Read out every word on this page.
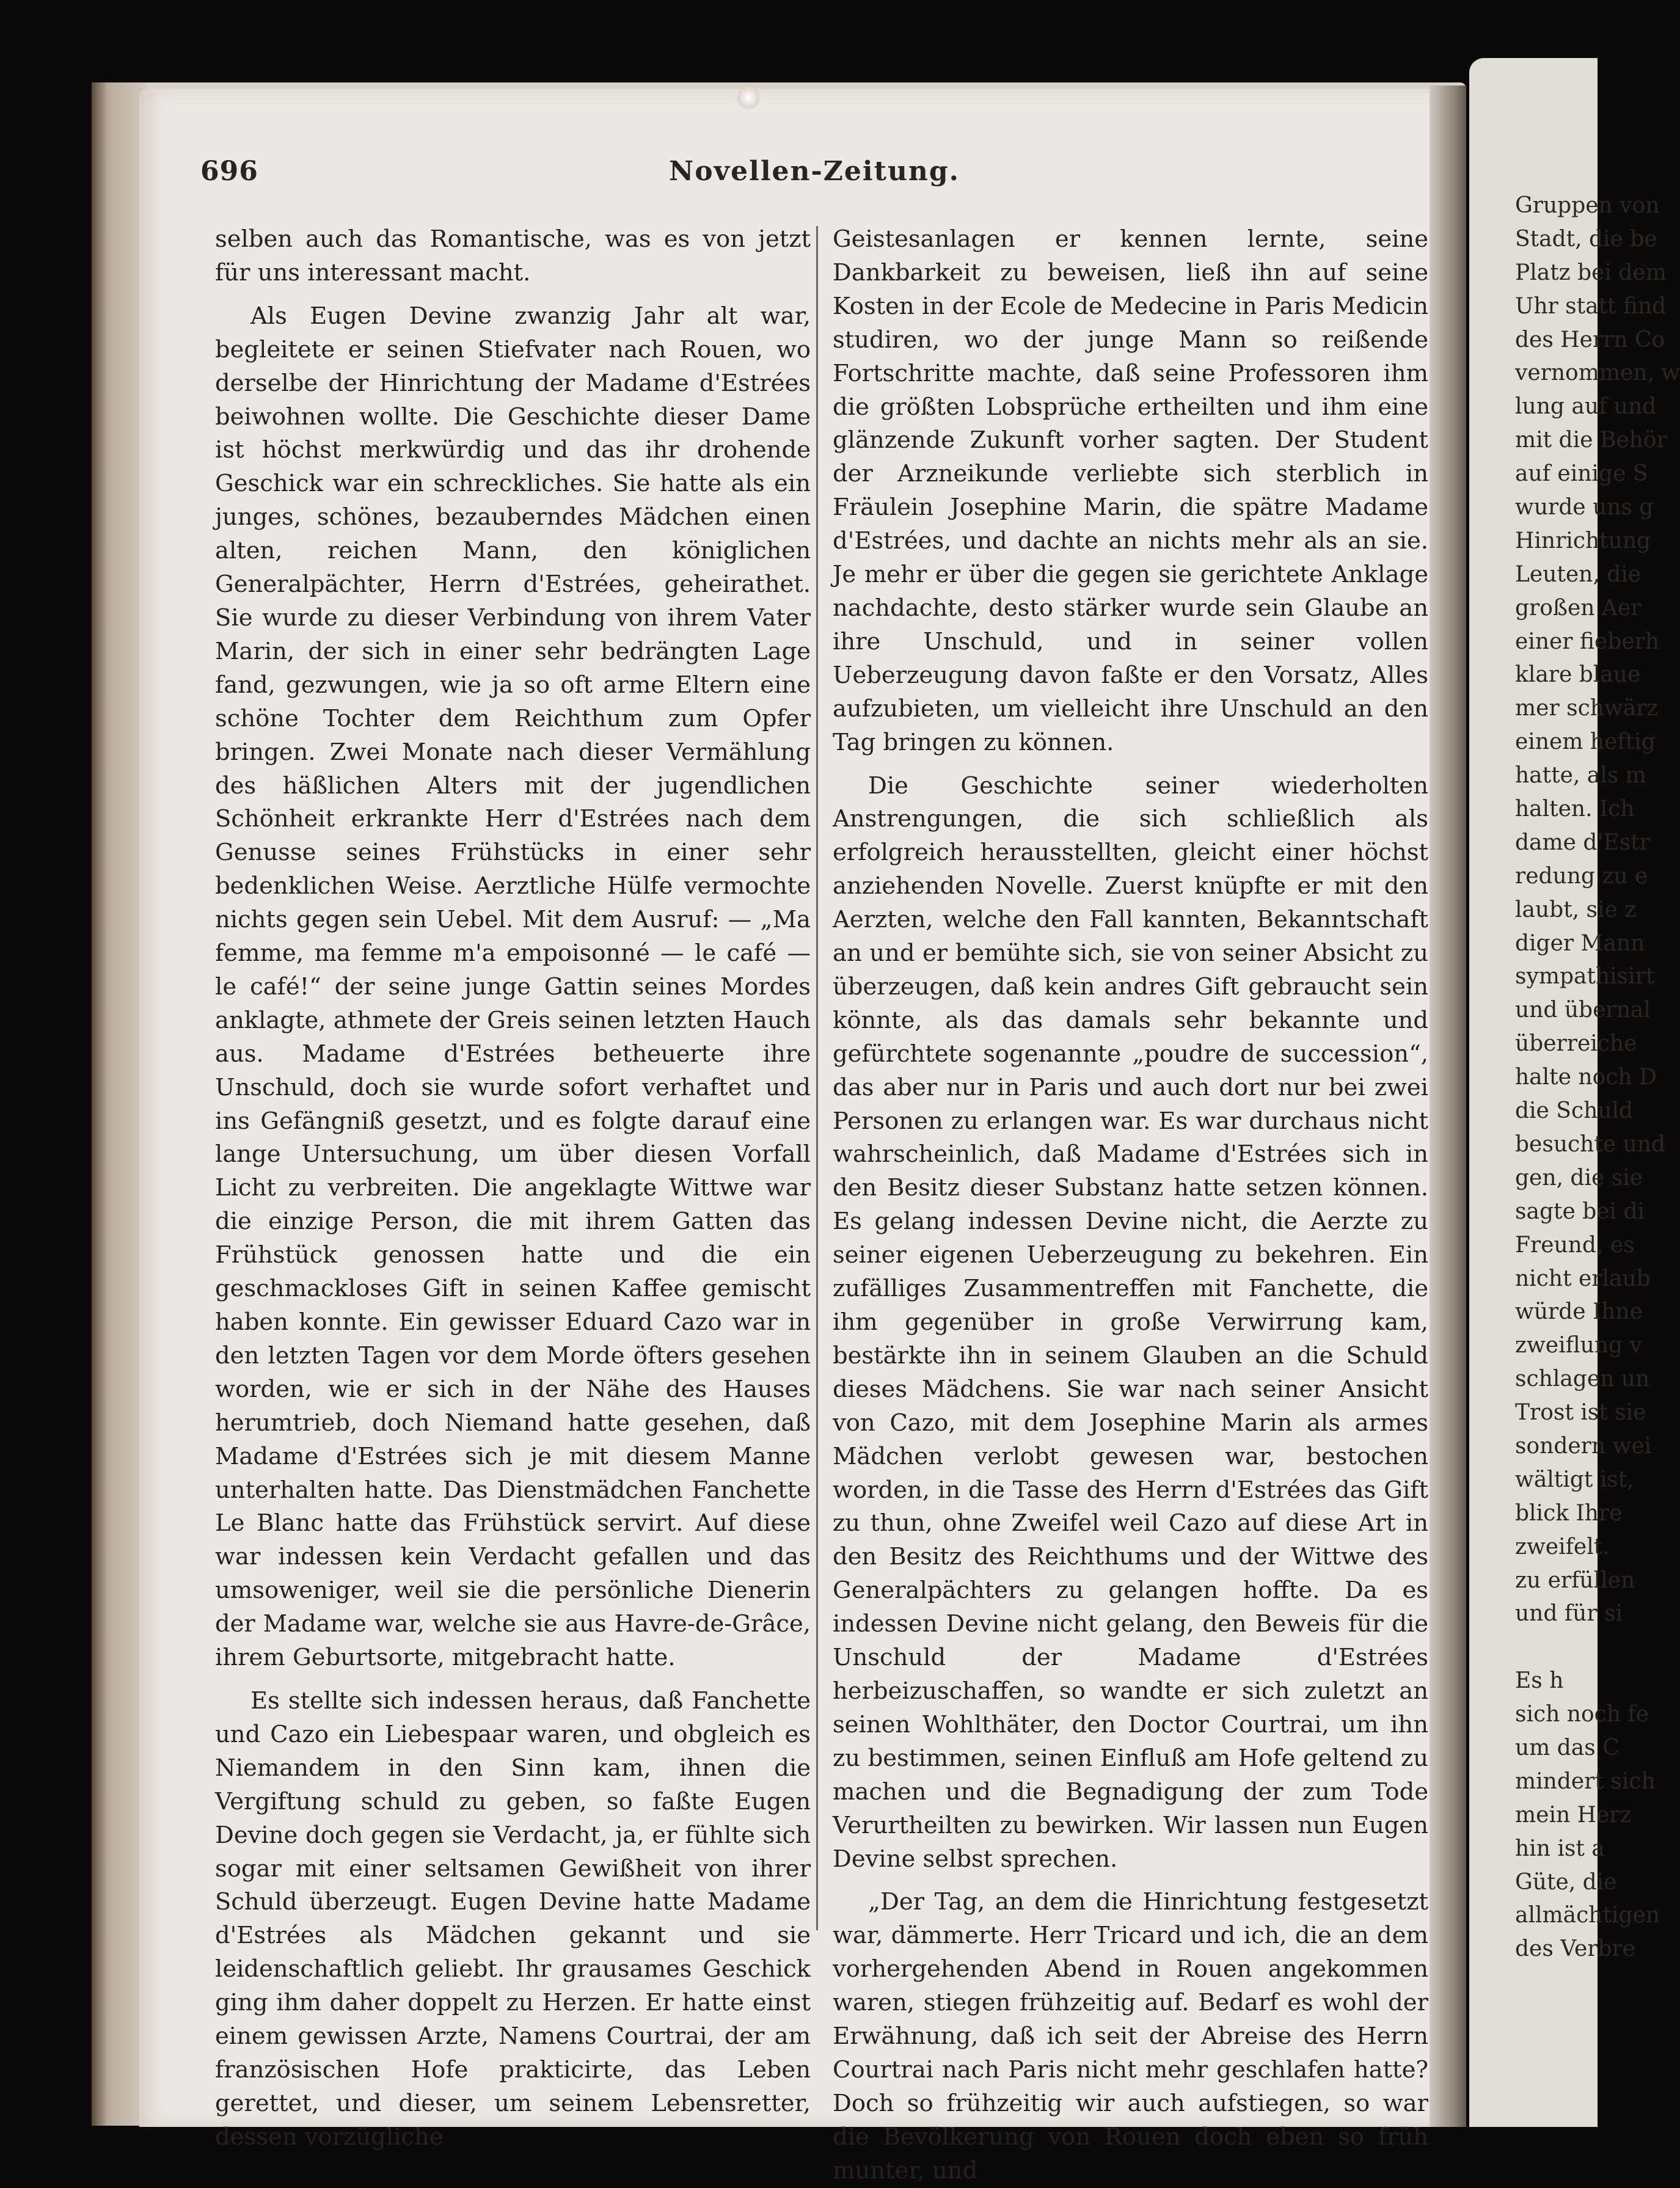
696	Novellen-Zeitung.

selben auch das Romantische, was es von jetzt für uns interessant macht.

Als Eugen Devine zwanzig Jahr alt war, begleitete er seinen Stiefvater nach Rouen, wo derselbe der Hinrichtung der Madame d'Estrées beiwohnen wollte. Die Geschichte dieser Dame ist höchst merkwürdig und das ihr drohende Geschick war ein schreckliches. Sie hatte als ein junges, schönes, bezauberndes Mädchen einen alten, reichen Mann, den königlichen Generalpächter, Herrn d'Estrées, geheirathet. Sie wurde zu dieser Verbindung von ihrem Vater Marin, der sich in einer sehr bedrängten Lage fand, gezwungen, wie ja so oft arme Eltern eine schöne Tochter dem Reichthum zum Opfer bringen. Zwei Monate nach dieser Vermählung des häßlichen Alters mit der jugendlichen Schönheit erkrankte Herr d'Estrées nach dem Genusse seines Frühstücks in einer sehr bedenklichen Weise. Aerztliche Hülfe vermochte nichts gegen sein Uebel. Mit dem Ausruf: — „Ma femme, ma femme m'a empoisonné — le café — le café!“ der seine junge Gattin seines Mordes anklagte, athmete der Greis seinen letzten Hauch aus. Madame d'Estrées betheuerte ihre Unschuld, doch sie wurde sofort verhaftet und ins Gefängniß gesetzt, und es folgte darauf eine lange Untersuchung, um über diesen Vorfall Licht zu verbreiten. Die angeklagte Wittwe war die einzige Person, die mit ihrem Gatten das Frühstück genossen hatte und die ein geschmackloses Gift in seinen Kaffee gemischt haben konnte. Ein gewisser Eduard Cazo war in den letzten Tagen vor dem Morde öfters gesehen worden, wie er sich in der Nähe des Hauses herumtrieb, doch Niemand hatte gesehen, daß Madame d'Estrées sich je mit diesem Manne unterhalten hatte. Das Dienstmädchen Fanchette Le Blanc hatte das Frühstück servirt. Auf diese war indessen kein Verdacht gefallen und das umsoweniger, weil sie die persönliche Dienerin der Madame war, welche sie aus Havre-de-Grâce, ihrem Geburtsorte, mitgebracht hatte.

Es stellte sich indessen heraus, daß Fanchette und Cazo ein Liebespaar waren, und obgleich es Niemandem in den Sinn kam, ihnen die Vergiftung schuld zu geben, so faßte Eugen Devine doch gegen sie Verdacht, ja, er fühlte sich sogar mit einer seltsamen Gewißheit von ihrer Schuld überzeugt. Eugen Devine hatte Madame d'Estrées als Mädchen gekannt und sie leidenschaftlich geliebt. Ihr grausames Geschick ging ihm daher doppelt zu Herzen. Er hatte einst einem gewissen Arzte, Namens Courtrai, der am französischen Hofe prakticirte, das Leben gerettet, und dieser, um seinem Lebensretter, dessen vorzügliche

Geistesanlagen er kennen lernte, seine Dankbarkeit zu beweisen, ließ ihn auf seine Kosten in der Ecole de Medecine in Paris Medicin studiren, wo der junge Mann so reißende Fortschritte machte, daß seine Professoren ihm die größten Lobsprüche ertheilten und ihm eine glänzende Zukunft vorher sagten. Der Student der Arzneikunde verliebte sich sterblich in Fräulein Josephine Marin, die spätre Madame d'Estrées, und dachte an nichts mehr als an sie. Je mehr er über die gegen sie gerichtete Anklage nachdachte, desto stärker wurde sein Glaube an ihre Unschuld, und in seiner vollen Ueberzeugung davon faßte er den Vorsatz, Alles aufzubieten, um vielleicht ihre Unschuld an den Tag bringen zu können.

Die Geschichte seiner wiederholten Anstrengungen, die sich schließlich als erfolgreich herausstellten, gleicht einer höchst anziehenden Novelle. Zuerst knüpfte er mit den Aerzten, welche den Fall kannten, Bekanntschaft an und er bemühte sich, sie von seiner Absicht zu überzeugen, daß kein andres Gift gebraucht sein könnte, als das damals sehr bekannte und gefürchtete sogenannte „poudre de succession“, das aber nur in Paris und auch dort nur bei zwei Personen zu erlangen war. Es war durchaus nicht wahrscheinlich, daß Madame d'Estrées sich in den Besitz dieser Substanz hatte setzen können. Es gelang indessen Devine nicht, die Aerzte zu seiner eigenen Ueberzeugung zu bekehren. Ein zufälliges Zusammentreffen mit Fanchette, die ihm gegenüber in große Verwirrung kam, bestärkte ihn in seinem Glauben an die Schuld dieses Mädchens. Sie war nach seiner Ansicht von Cazo, mit dem Josephine Marin als armes Mädchen verlobt gewesen war, bestochen worden, in die Tasse des Herrn d'Estrées das Gift zu thun, ohne Zweifel weil Cazo auf diese Art in den Besitz des Reichthums und der Wittwe des Generalpächters zu gelangen hoffte. Da es indessen Devine nicht gelang, den Beweis für die Unschuld der Madame d'Estrées herbeizuschaffen, so wandte er sich zuletzt an seinen Wohlthäter, den Doctor Courtrai, um ihn zu bestimmen, seinen Einfluß am Hofe geltend zu machen und die Begnadigung der zum Tode Verurtheilten zu bewirken. Wir lassen nun Eugen Devine selbst sprechen.

„Der Tag, an dem die Hinrichtung festgesetzt war, dämmerte. Herr Tricard und ich, die an dem vorhergehenden Abend in Rouen angekommen waren, stiegen frühzeitig auf. Bedarf es wohl der Erwähnung, daß ich seit der Abreise des Herrn Courtrai nach Paris nicht mehr geschlafen hatte? Doch so frühzeitig wir auch aufstiegen, so war die Bevölkerung von Rouen doch eben so früh munter, und

Gruppen von
Stadt, die be
Platz bei dem
Uhr statt find
des Herrn Co
vernommen, w
lung auf und
mit die Behör
auf einige S
wurde uns g
Hinrichtung
Leuten, die
großen Aer
einer fieberh
klare blaue
mer schwärz
einem heftig
hatte, als m
halten. Ich
dame d'Estr
redung zu e
laubt, sie z
diger Mann
sympathisirt
und übernal
überreiche
halte noch D
die Schuld
besuchte und
gen, die sie
sagte bei di
Freund, es
nicht erlaub
würde Ihne
zweiflung v
schlagen un
Trost ist sie
sondern wei
wältigt ist,
blick Ihre
zweifelt.
zu erfüllen
und für si
Es h
sich noch fe
um das C
mindert sich
mein Herz
hin ist a
Güte, die
allmächtigen
des Verbre
